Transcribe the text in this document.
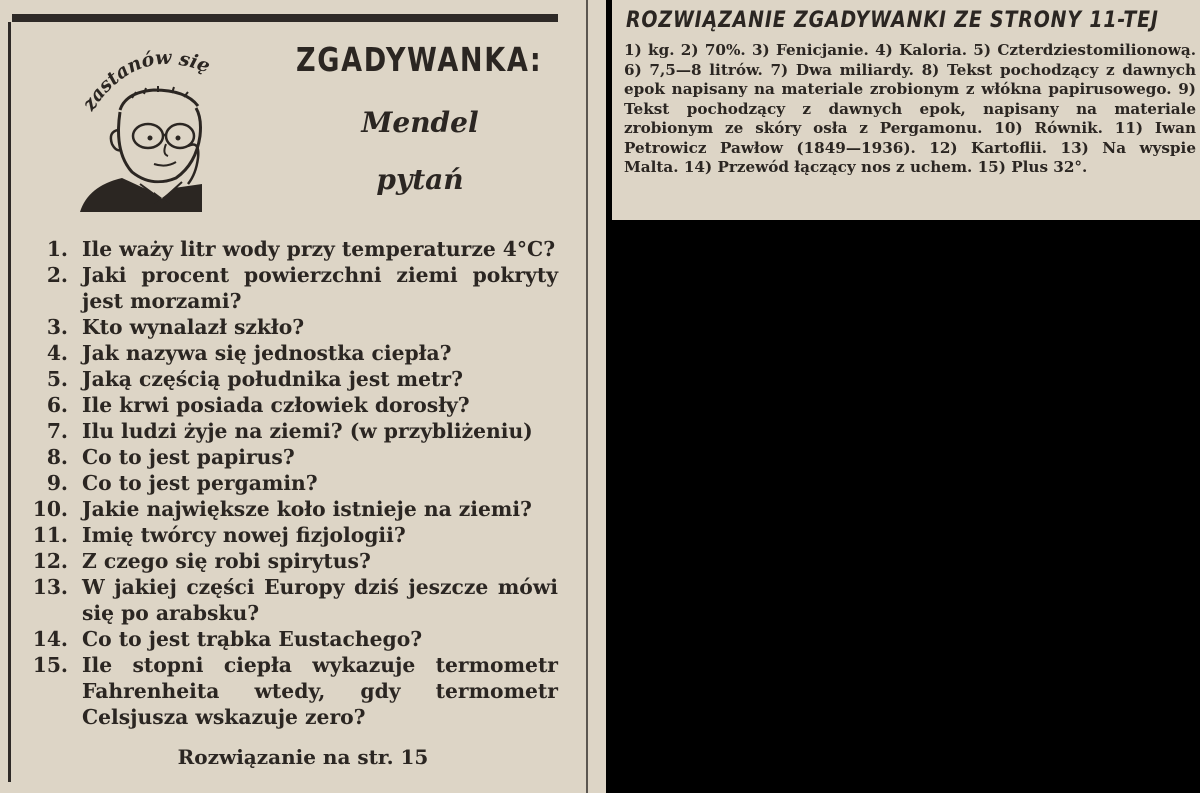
zastanów się	ZGADYWANKA:
Mendel
pytań
1. Ile waży litr wody przy temperaturze 4°C?
2. Jaki procent powierzchni ziemi pokryty jest morzami?
3. Kto wynalazł szkło?
4. Jak nazywa się jednostka ciepła?
5. Jaką częścią południka jest metr?
6. Ile krwi posiada człowiek dorosły?
7. Ilu ludzi żyje na ziemi? (w przybliżeniu)
8. Co to jest papirus?
9. Co to jest pergamin?
10. Jakie największe koło istnieje na ziemi?
11. Imię twórcy nowej fizjologii?
12. Z czego się robi spirytus?
13. W jakiej części Europy dziś jeszcze mówi się po arabsku?
14. Co to jest trąbka Eustachego?
15. Ile stopni ciepła wykazuje termometr Fahrenheita wtedy, gdy termometr Celsjusza wskazuje zero?
Rozwiązanie na str. 15
ROZWIĄZANIE ZGADYWANKI ZE STRONY 11-TEJ

1) kg. 2) 70%. 3) Fenicjanie. 4) Kaloria. 5) Czterdziestomilionową. 6) 7,5—8 litrów. 7) Dwa miliardy. 8) Tekst pochodzący z dawnych epok napisany na materiale zrobionym z włókna papirusowego. 9) Tekst pochodzący z dawnych epok, napisany na materiale zrobionym ze skóry osła z Pergamonu. 10) Równik. 11) Iwan Petrowicz Pawłow (1849—1936). 12) Kartoflii. 13) Na wyspie Malta. 14) Przewód łączący nos z uchem. 15) Plus 32°.
